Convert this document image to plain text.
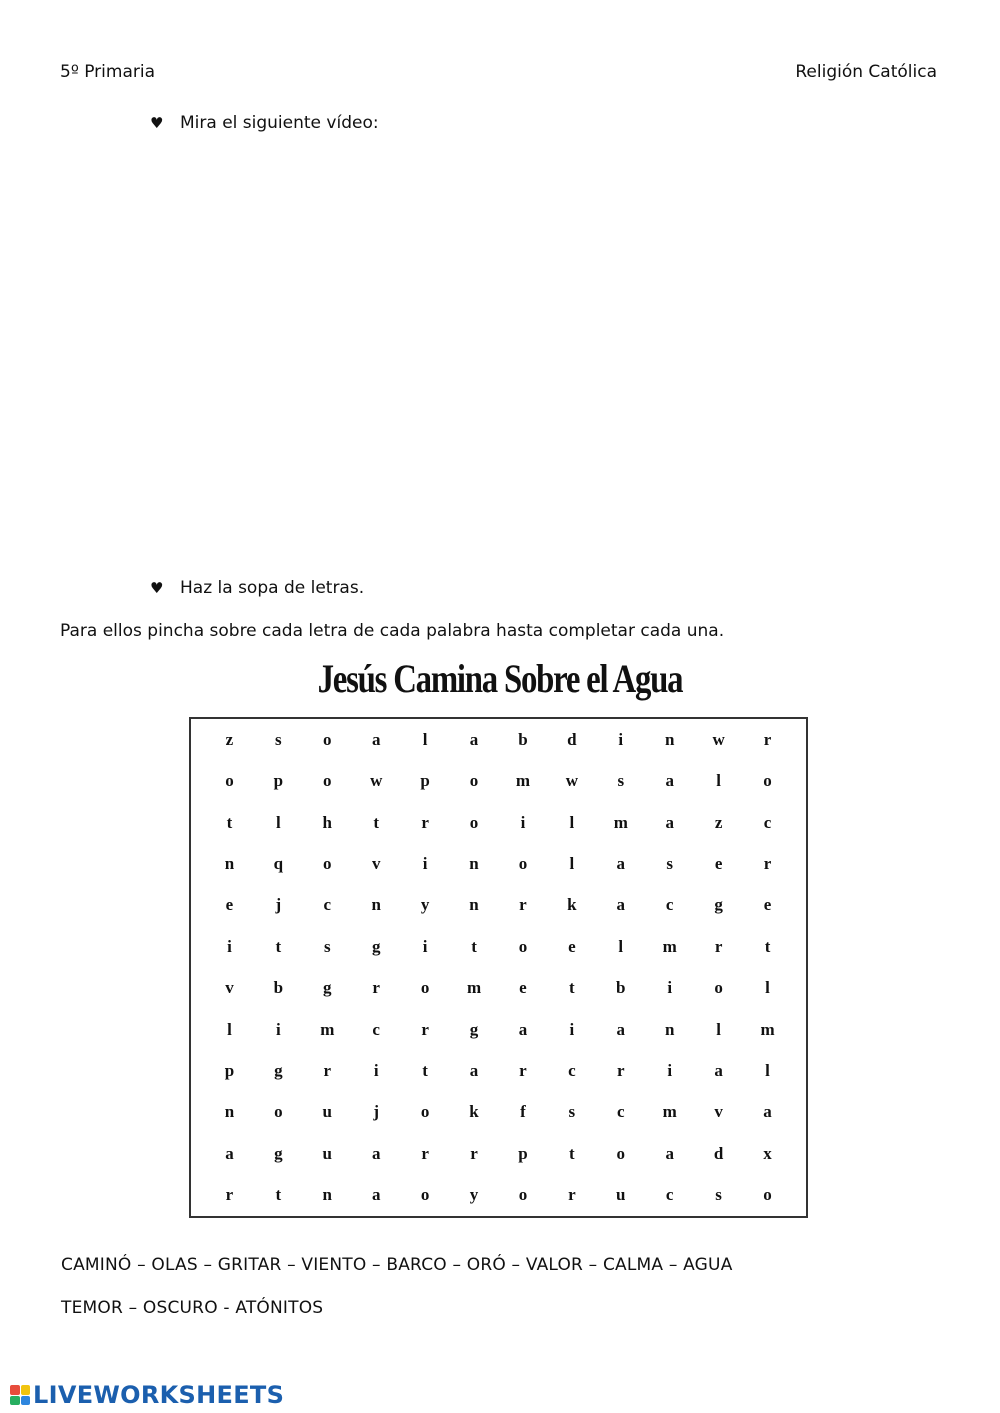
5º Primaria	Religión Católica
♥ Mira el siguiente vídeo:
♥ Haz la sopa de letras.
Para ellos pincha sobre cada letra de cada palabra hasta completar cada una.
Jesús Camina Sobre el Agua
z	s	o	a	l	a	b	d	i	n	w	r
o	p	o	w	p	o	m	w	s	a	l	o
t	l	h	t	r	o	i	l	m	a	z	c
n	q	o	v	i	n	o	l	a	s	e	r
e	j	c	n	y	n	r	k	a	c	g	e
i	t	s	g	i	t	o	e	l	m	r	t
v	b	g	r	o	m	e	t	b	i	o	l
l	i	m	c	r	g	a	i	a	n	l	m
p	g	r	i	t	a	r	c	r	i	a	l
n	o	u	j	o	k	f	s	c	m	v	a
a	g	u	a	r	r	p	t	o	a	d	x
r	t	n	a	o	y	o	r	u	c	s	o
CAMINÓ – OLAS – GRITAR – VIENTO – BARCO – ORÓ – VALOR – CALMA – AGUA
TEMOR – OSCURO - ATÓNITOS
LIVEWORKSHEETS
